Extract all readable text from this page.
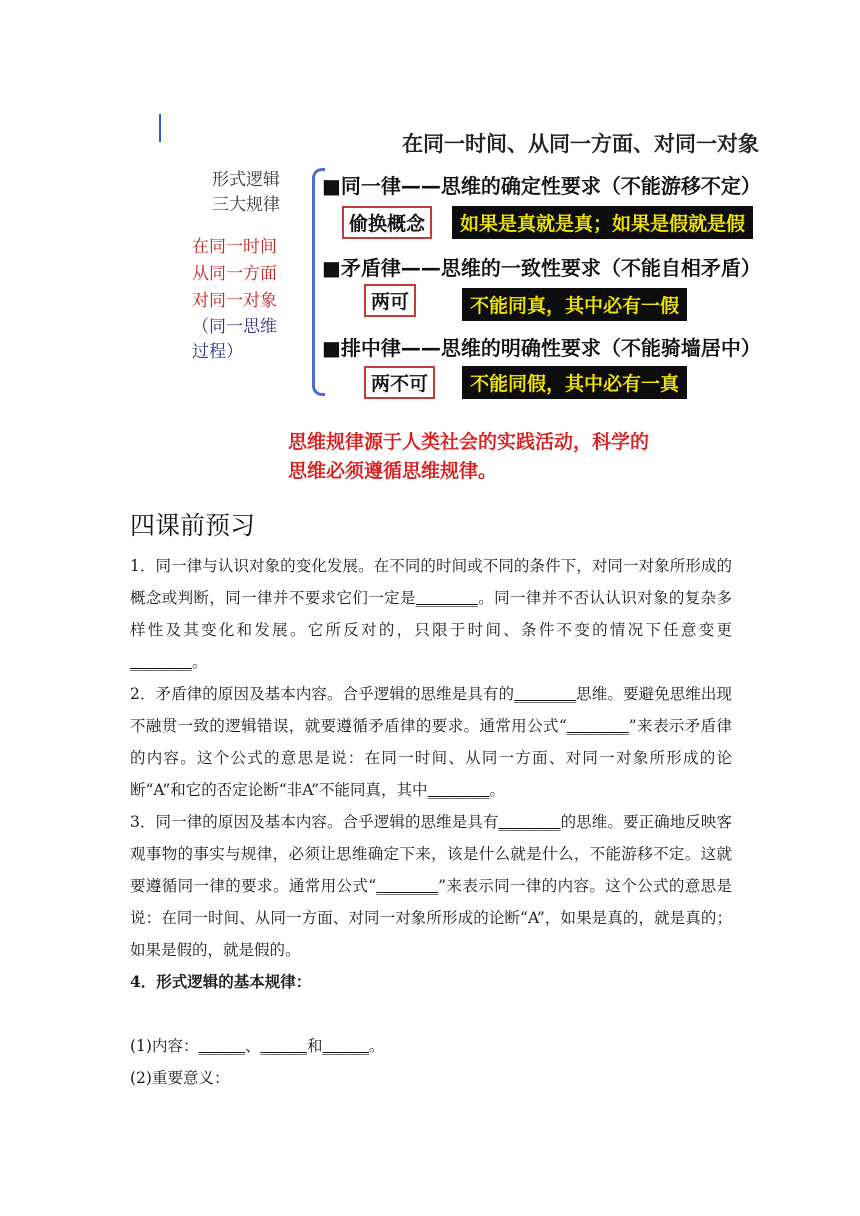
在同一时间、从同一方面、对同一对象
形式逻辑
三大规律
在同一时间
从同一方面
对同一对象
（同一思维
过程）
■同一律——思维的确定性要求（不能游移不定）
偷换概念	如果是真就是真；如果是假就是假
■矛盾律——思维的一致性要求（不能自相矛盾）
两可	不能同真，其中必有一假
■排中律——思维的明确性要求（不能骑墙居中）
两不可	不能同假，其中必有一真
思维规律源于人类社会的实践活动，科学的
思维必须遵循思维规律。
四课前预习
1．同一律与认识对象的变化发展。在不同的时间或不同的条件下，对同一对象所形成的概念或判断，同一律并不要求它们一定是________。同一律并不否认认识对象的复杂多样性及其变化和发展。它所反对的，只限于时间、条件不变的情况下任意变更________。
2．矛盾律的原因及基本内容。合乎逻辑的思维是具有的________思维。要避免思维出现不融贯一致的逻辑错误，就要遵循矛盾律的要求。通常用公式“________”来表示矛盾律的内容。这个公式的意思是说：在同一时间、从同一方面、对同一对象所形成的论断“A”和它的否定论断“非A”不能同真，其中________。
3．同一律的原因及基本内容。合乎逻辑的思维是具有________的思维。要正确地反映客观事物的事实与规律，必须让思维确定下来，该是什么就是什么，不能游移不定。这就要遵循同一律的要求。通常用公式“________”来表示同一律的内容。这个公式的意思是说：在同一时间、从同一方面、对同一对象所形成的论断“A”，如果是真的，就是真的；如果是假的，就是假的。
4．形式逻辑的基本规律：
(1)内容：______、______和______。
(2)重要意义：
